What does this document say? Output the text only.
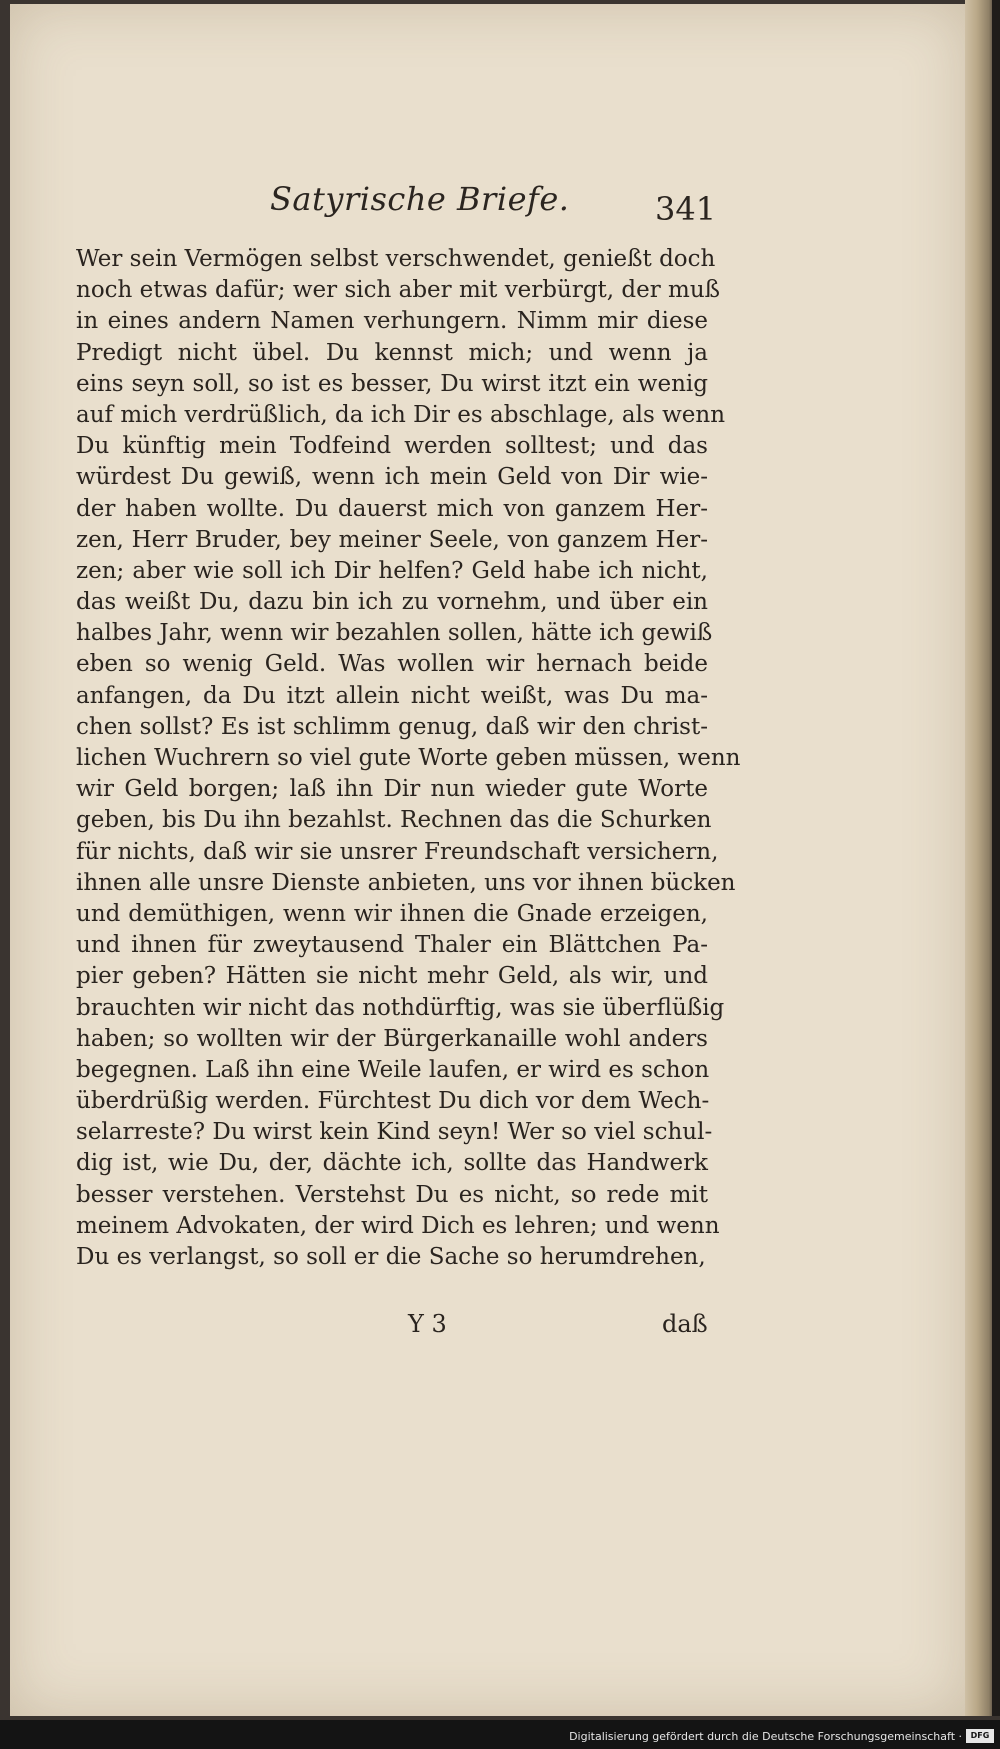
Satyrische Briefe.	341
Wer sein Vermögen selbst verschwendet, genießt doch
noch etwas dafür; wer sich aber mit verbürgt, der muß
in eines andern Namen verhungern. Nimm mir diese
Predigt nicht übel. Du kennst mich; und wenn ja
eins seyn soll, so ist es besser, Du wirst itzt ein wenig
auf mich verdrüßlich, da ich Dir es abschlage, als wenn
Du künftig mein Todfeind werden solltest; und das
würdest Du gewiß, wenn ich mein Geld von Dir wie-
der haben wollte. Du dauerst mich von ganzem Her-
zen, Herr Bruder, bey meiner Seele, von ganzem Her-
zen; aber wie soll ich Dir helfen? Geld habe ich nicht,
das weißt Du, dazu bin ich zu vornehm, und über ein
halbes Jahr, wenn wir bezahlen sollen, hätte ich gewiß
eben so wenig Geld. Was wollen wir hernach beide
anfangen, da Du itzt allein nicht weißt, was Du ma-
chen sollst? Es ist schlimm genug, daß wir den christ-
lichen Wuchrern so viel gute Worte geben müssen, wenn
wir Geld borgen; laß ihn Dir nun wieder gute Worte
geben, bis Du ihn bezahlst. Rechnen das die Schurken
für nichts, daß wir sie unsrer Freundschaft versichern,
ihnen alle unsre Dienste anbieten, uns vor ihnen bücken
und demüthigen, wenn wir ihnen die Gnade erzeigen,
und ihnen für zweytausend Thaler ein Blättchen Pa-
pier geben? Hätten sie nicht mehr Geld, als wir, und
brauchten wir nicht das nothdürftig, was sie überflüßig
haben; so wollten wir der Bürgerkanaille wohl anders
begegnen. Laß ihn eine Weile laufen, er wird es schon
überdrüßig werden. Fürchtest Du dich vor dem Wech-
selarreste? Du wirst kein Kind seyn! Wer so viel schul-
dig ist, wie Du, der, dächte ich, sollte das Handwerk
besser verstehen. Verstehst Du es nicht, so rede mit
meinem Advokaten, der wird Dich es lehren; und wenn
Du es verlangst, so soll er die Sache so herumdrehen,
Y 3	daß
Digitalisierung gefördert durch die Deutsche Forschungsgemeinschaft ·	DFG
